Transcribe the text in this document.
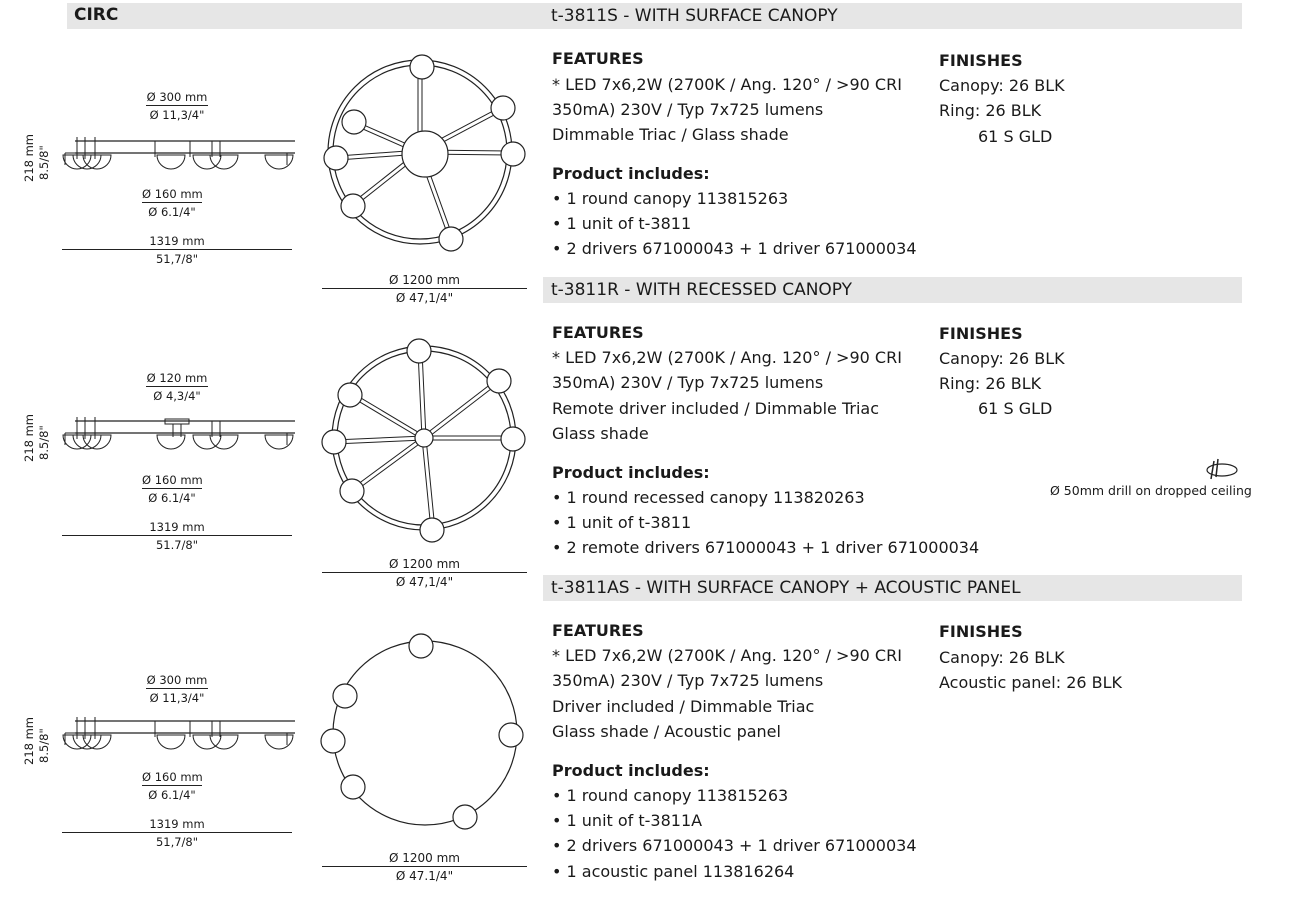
CIRC	t-3811S - WITH SURFACE CANOPY
Ø 300 mm
Ø 11,3/4"
Ø 160 mm
Ø 6.1/4"
1319 mm
51,7/8"
218 mm 8.5/8"
Ø 1200 mm
Ø 47,1/4"
FEATURES
* LED 7x6,2W (2700K / Ang. 120° / >90 CRI
350mA) 230V / Typ 7x725 lumens
Dimmable Triac / Glass shade
Product includes:
• 1 round canopy 113815263
• 1 unit of t-3811
• 2 drivers 671000043 + 1 driver 671000034
FINISHES
Canopy: 26 BLK
Ring: 26 BLK
61 S GLD
t-3811R - WITH RECESSED CANOPY
Ø 120 mm
Ø 4,3/4"
Ø 160 mm
Ø 6.1/4"
1319 mm
51.7/8"
218 mm 8.5/8"
Ø 1200 mm
Ø 47,1/4"
FEATURES
* LED 7x6,2W (2700K / Ang. 120° / >90 CRI
350mA) 230V / Typ 7x725 lumens
Remote driver included / Dimmable Triac
Glass shade
Product includes:
• 1 round recessed canopy 113820263
• 1 unit of t-3811
• 2 remote drivers 671000043 + 1 driver 671000034
FINISHES
Canopy: 26 BLK
Ring: 26 BLK
61 S GLD
Ø 50mm drill on dropped ceiling
t-3811AS - WITH SURFACE CANOPY + ACOUSTIC PANEL
Ø 300 mm
Ø 11,3/4"
Ø 160 mm
Ø 6.1/4"
1319 mm
51,7/8"
218 mm 8.5/8"
Ø 1200 mm
Ø 47.1/4"
FEATURES
* LED 7x6,2W (2700K / Ang. 120° / >90 CRI
350mA) 230V / Typ 7x725 lumens
Driver included / Dimmable Triac
Glass shade / Acoustic panel
Product includes:
• 1 round canopy 113815263
• 1 unit of t-3811A
• 2 drivers 671000043 + 1 driver 671000034
• 1 acoustic panel 113816264
FINISHES
Canopy: 26 BLK
Acoustic panel: 26 BLK
